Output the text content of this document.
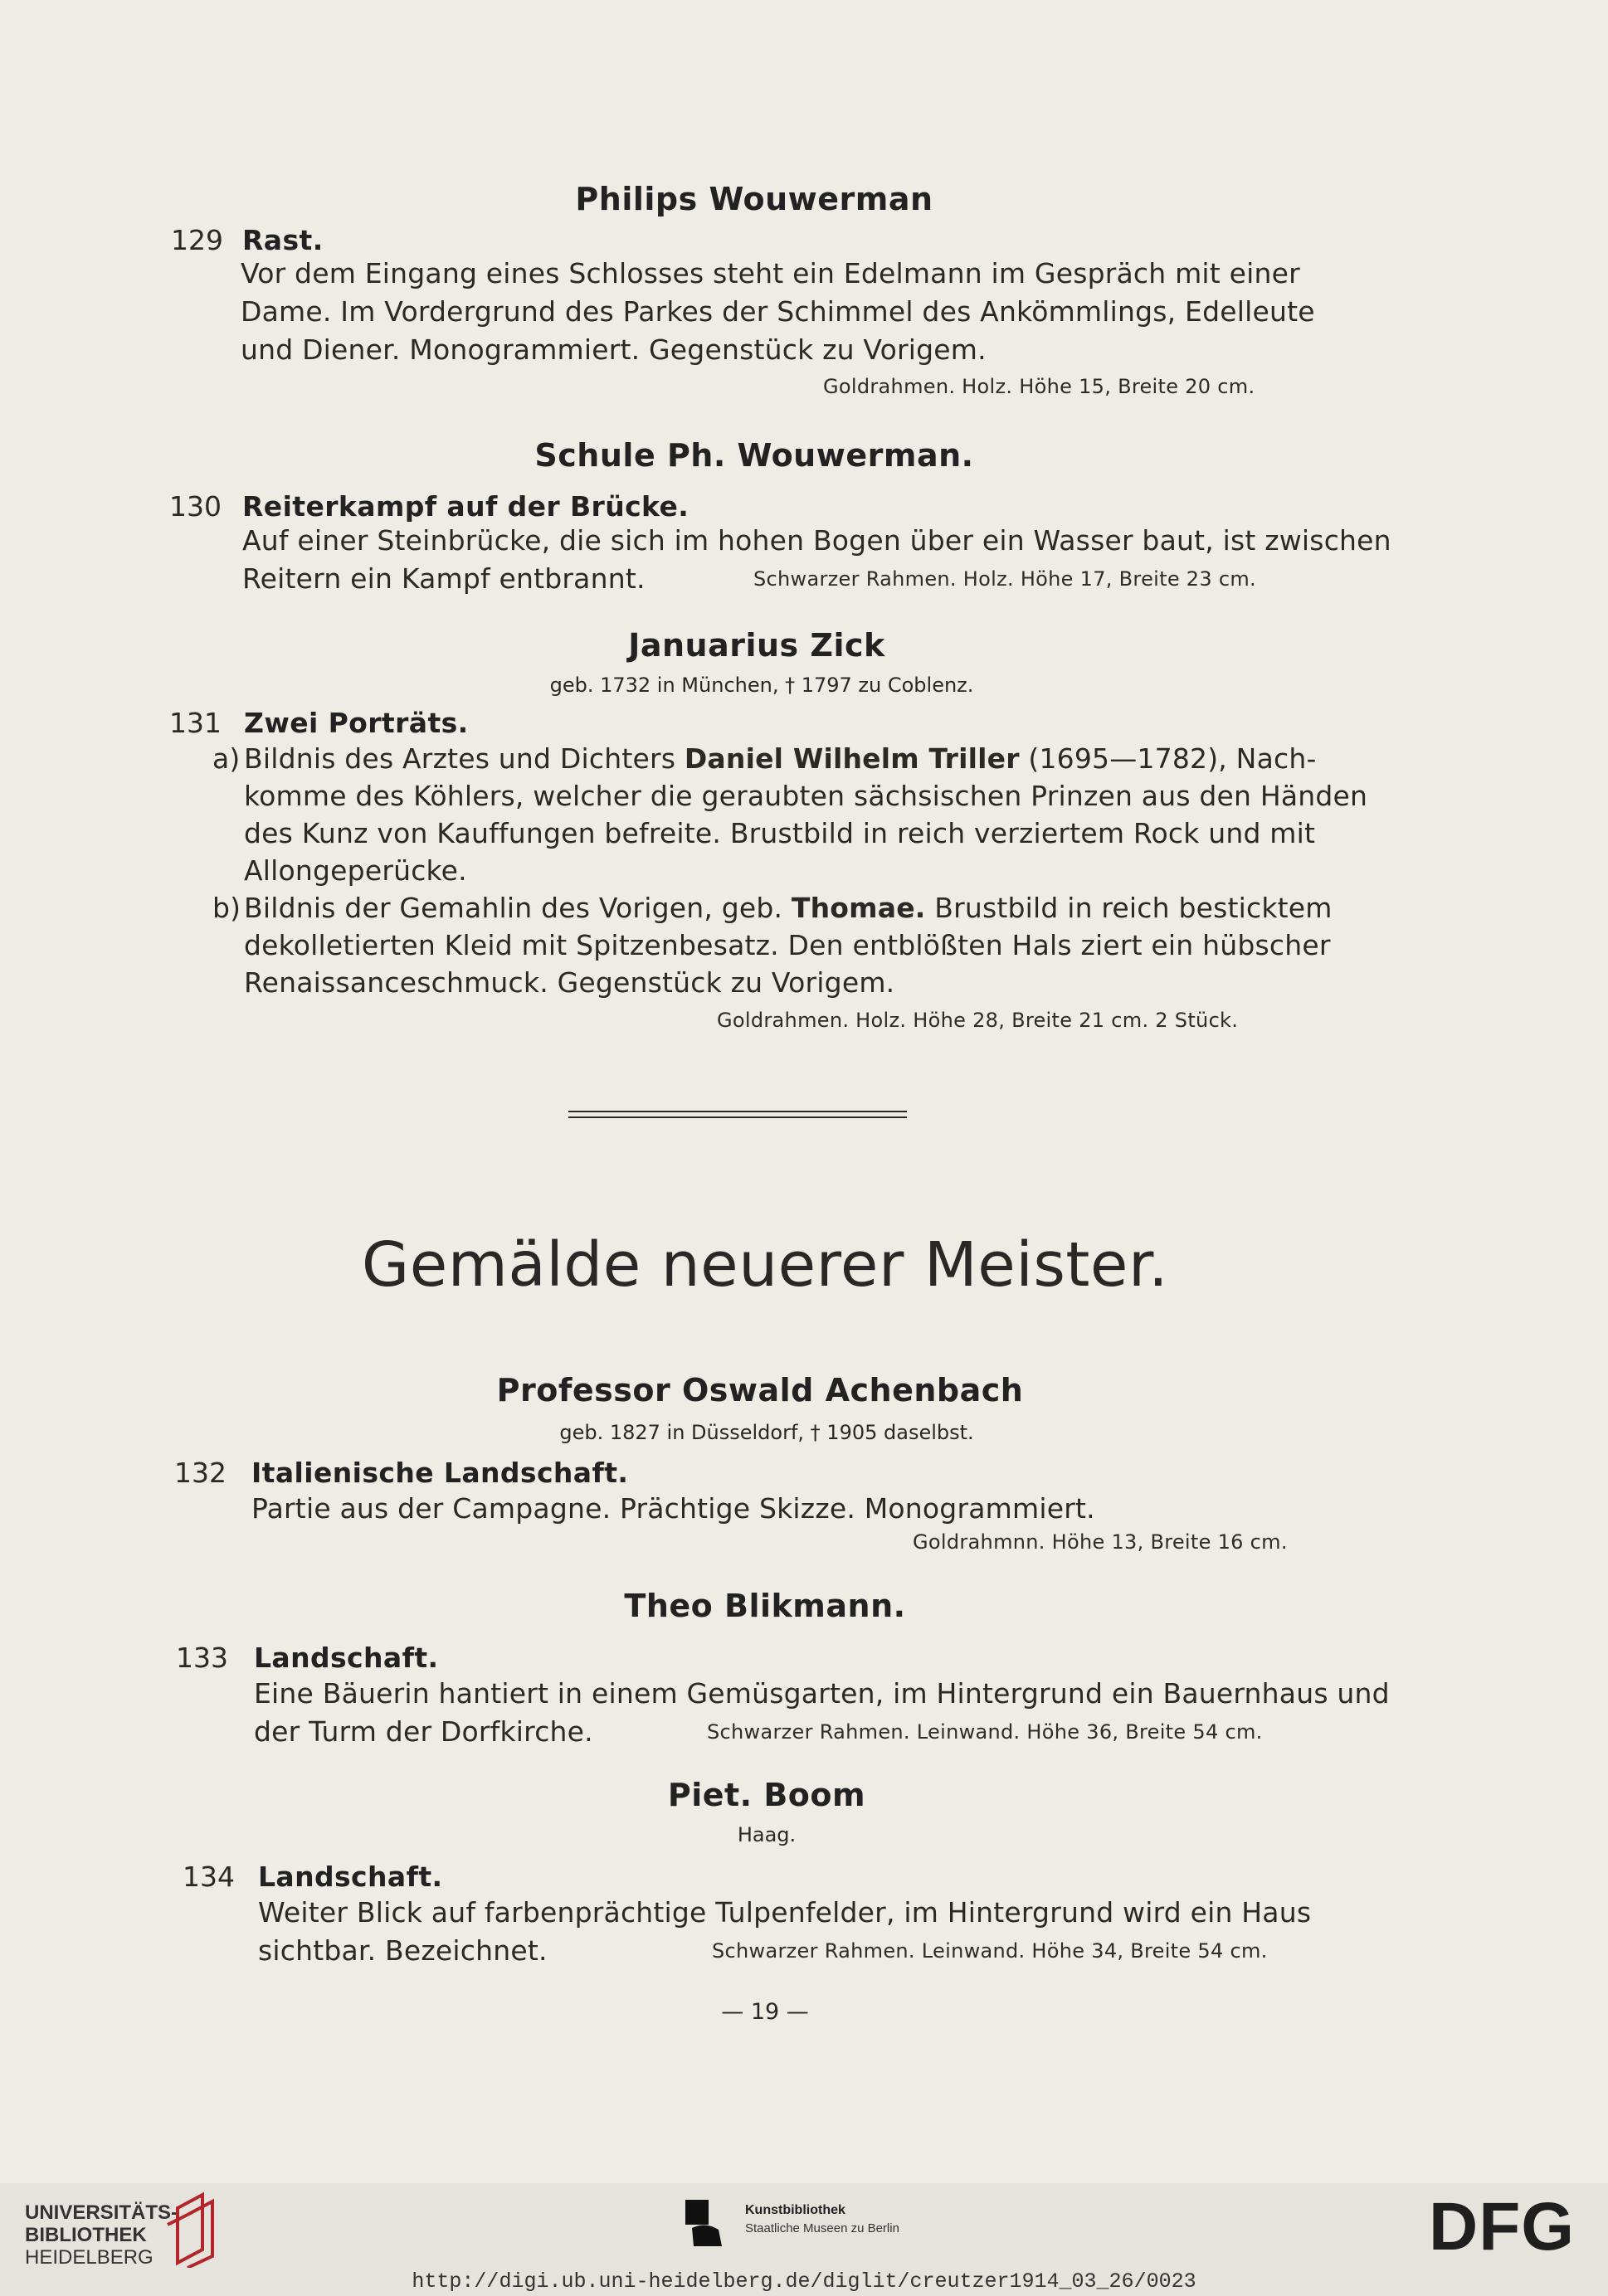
Philips Wouwerman
129 Rast.
Vor dem Eingang eines Schlosses steht ein Edelmann im Gespräch mit einer
Dame. Im Vordergrund des Parkes der Schimmel des Ankömmlings, Edelleute
und Diener. Monogrammiert. Gegenstück zu Vorigem.
Goldrahmen. Holz. Höhe 15, Breite 20 cm.
Schule Ph. Wouwerman.
130 Reiterkampf auf der Brücke.
Auf einer Steinbrücke, die sich im hohen Bogen über ein Wasser baut, ist zwischen
Reitern ein Kampf entbrannt.	Schwarzer Rahmen. Holz. Höhe 17, Breite 23 cm.
Januarius Zick
geb. 1732 in München, † 1797 zu Coblenz.
131 Zwei Porträts.
a) Bildnis des Arztes und Dichters Daniel Wilhelm Triller (1695—1782), Nach-
komme des Köhlers, welcher die geraubten sächsischen Prinzen aus den Händen
des Kunz von Kauffungen befreite. Brustbild in reich verziertem Rock und mit
Allongeperücke.
b) Bildnis der Gemahlin des Vorigen, geb. Thomae. Brustbild in reich besticktem
dekolletierten Kleid mit Spitzenbesatz. Den entblößten Hals ziert ein hübscher
Renaissanceschmuck. Gegenstück zu Vorigem.
Goldrahmen. Holz. Höhe 28, Breite 21 cm. 2 Stück.
Gemälde neuerer Meister.
Professor Oswald Achenbach
geb. 1827 in Düsseldorf, † 1905 daselbst.
132 Italienische Landschaft.
Partie aus der Campagne. Prächtige Skizze. Monogrammiert.
Goldrahmnn. Höhe 13, Breite 16 cm.
Theo Blikmann.
133 Landschaft.
Eine Bäuerin hantiert in einem Gemüsgarten, im Hintergrund ein Bauernhaus und
der Turm der Dorfkirche.	Schwarzer Rahmen. Leinwand. Höhe 36, Breite 54 cm.
Piet. Boom
Haag.
134 Landschaft.
Weiter Blick auf farbenprächtige Tulpenfelder, im Hintergrund wird ein Haus
sichtbar. Bezeichnet.	Schwarzer Rahmen. Leinwand. Höhe 34, Breite 54 cm.
— 19 —
UNIVERSITÄTS-
BIBLIOTHEK
HEIDELBERG
Kunstbibliothek
Staatliche Museen zu Berlin	DFG
http://digi.ub.uni-heidelberg.de/diglit/creutzer1914_03_26/0023
